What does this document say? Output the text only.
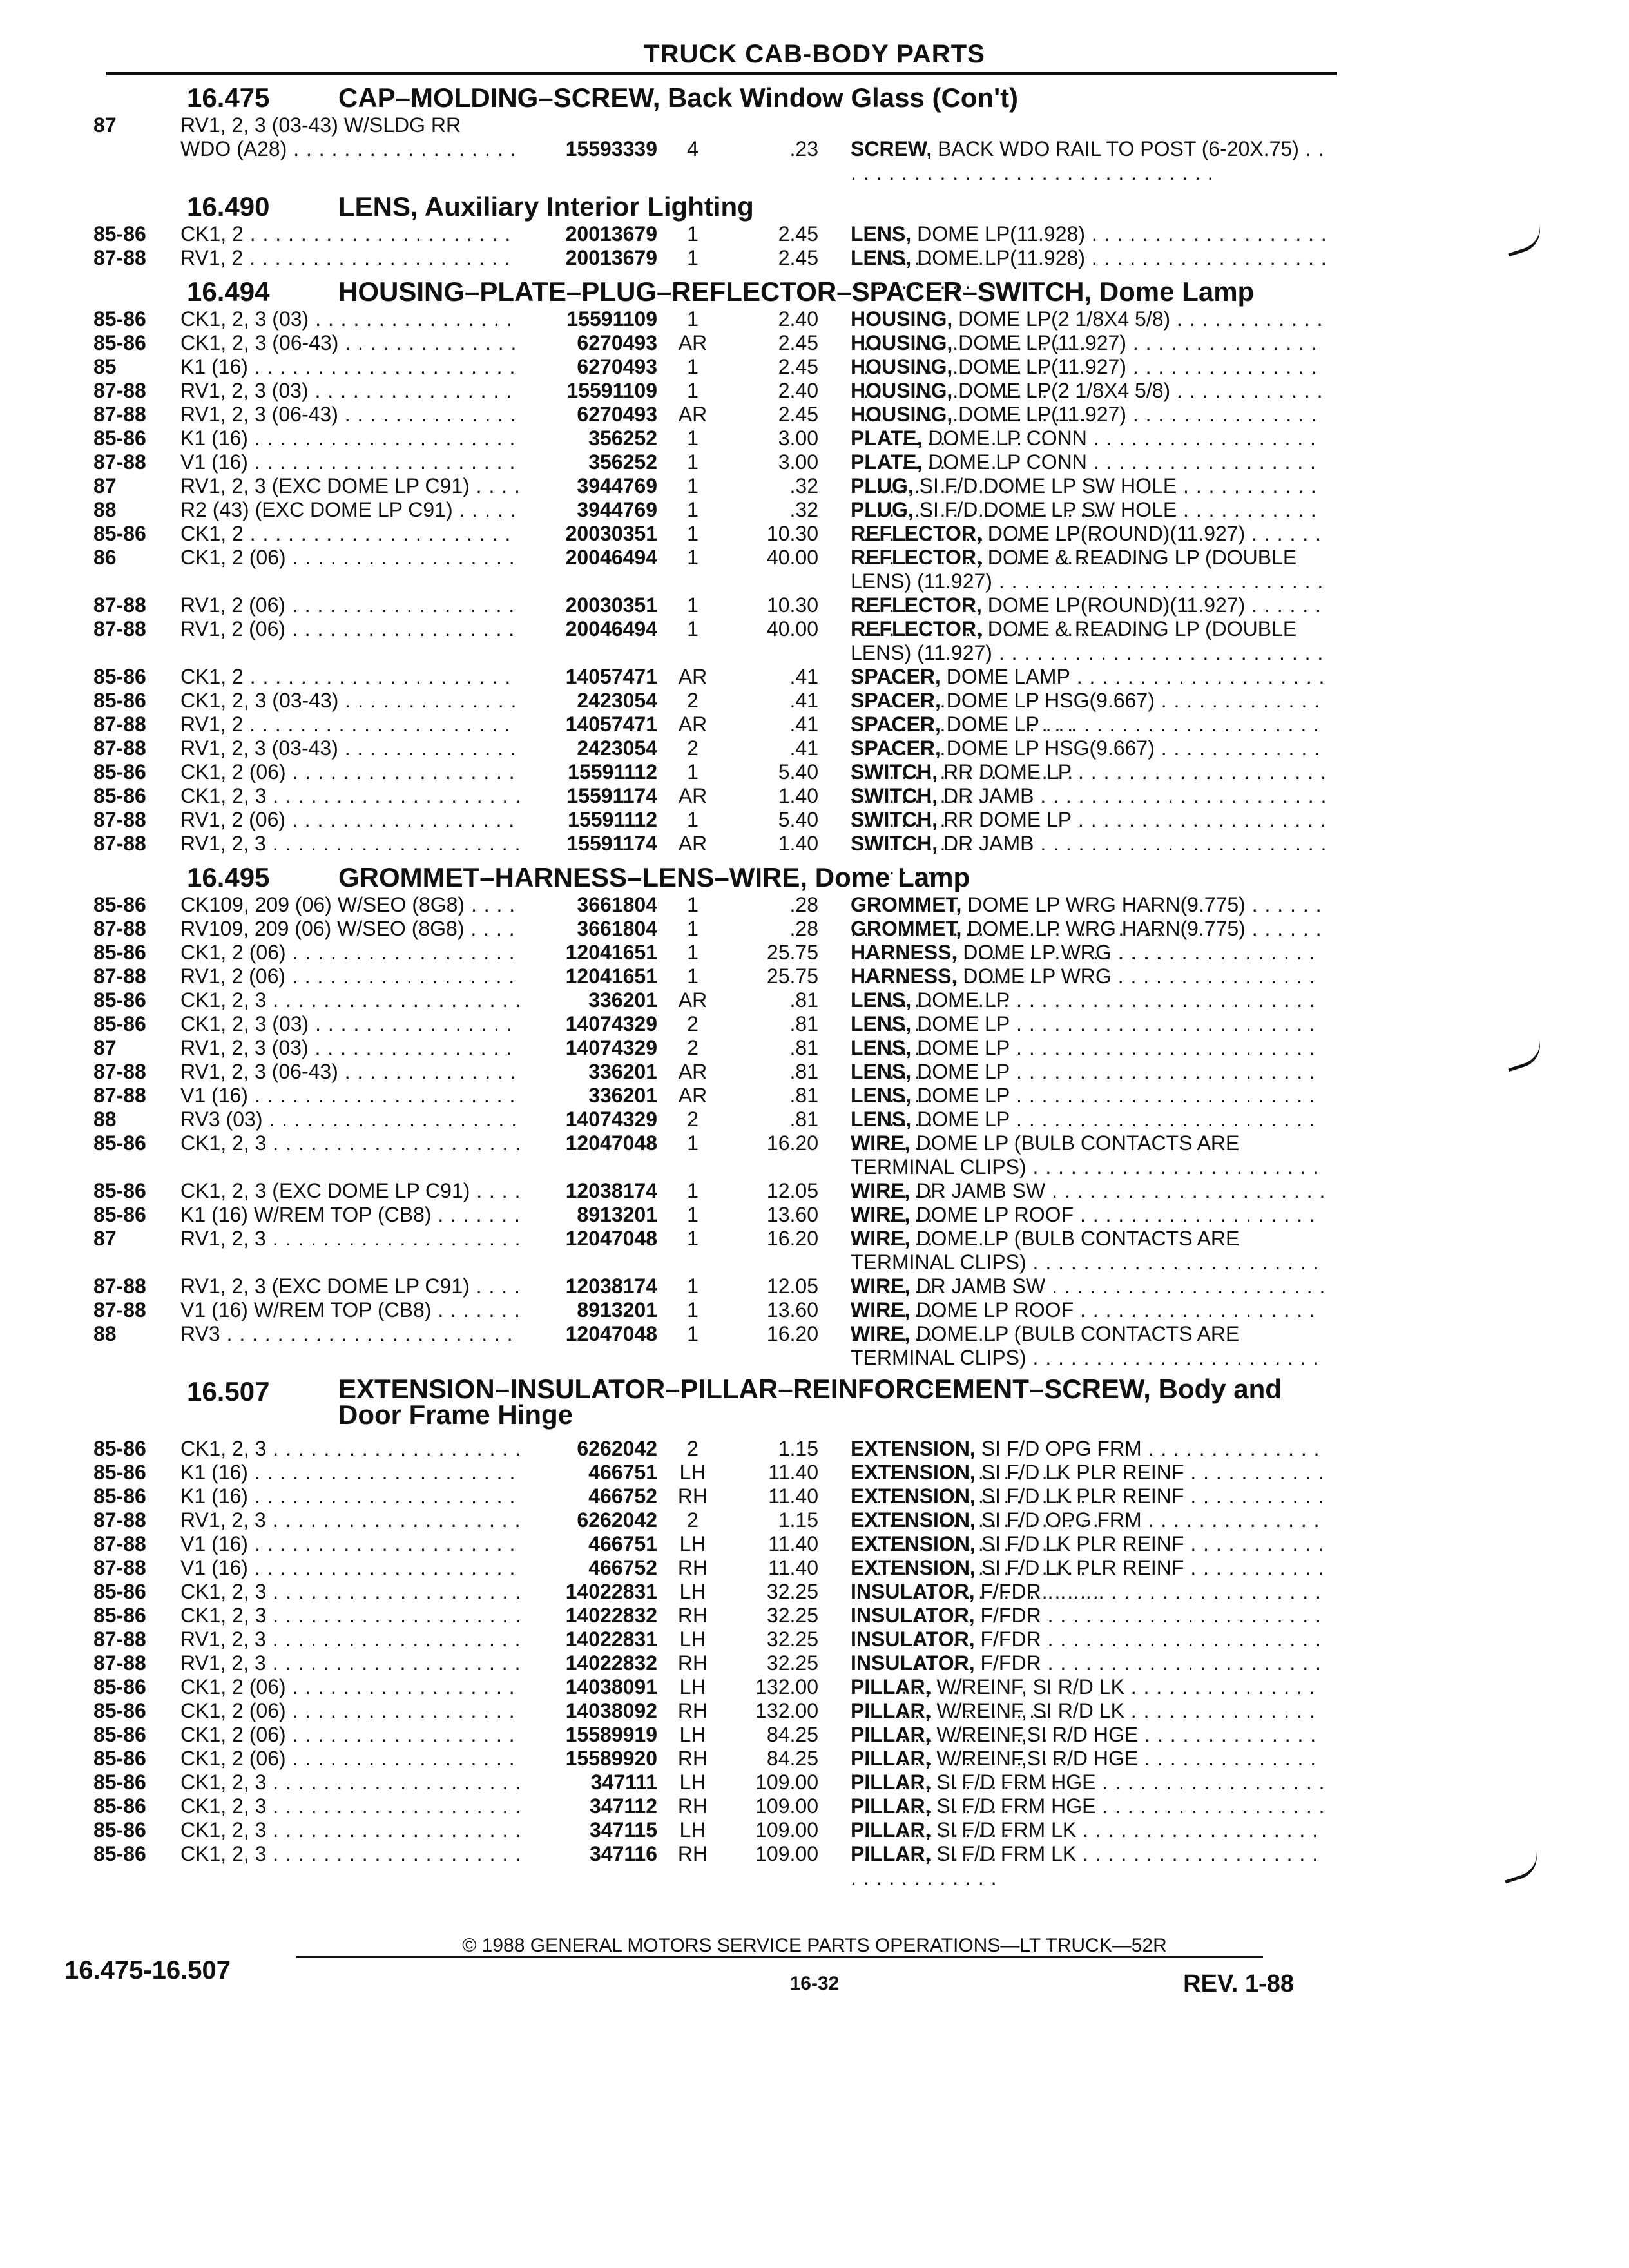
TRUCK CAB-BODY PARTS
16.475	CAP–MOLDING–SCREW, Back Window Glass (Con't)
87	RV1, 2, 3 (03-43) W/SLDG RR
WDO (A28) . . .	15593339	4	.23 SCREW, BACK WDO RAIL TO POST (6-20X.75) . . .
16.490	LENS, Auxiliary Interior Lighting
85-86 CK1, 2 . . .	20013679	1	2.45 LENS, DOME LP(11.928) . . .
87-88 RV1, 2 . . .	20013679	1	2.45 LENS, DOME LP(11.928) . . .
16.494	HOUSING–PLATE–PLUG–REFLECTOR–SPACER–SWITCH, Dome Lamp
85-86 CK1, 2, 3 (03) . . .	15591109	1	2.40 HOUSING, DOME LP(2 1/8X4 5/8) . . .
85-86 CK1, 2, 3 (06-43) . . .	6270493	AR	2.45 HOUSING, DOME LP(11.927) . . .
85	K1 (16) . . .	6270493	1	2.45 HOUSING, DOME LP(11.927) . . .
87-88 RV1, 2, 3 (03) . . .	15591109	1	2.40 HOUSING, DOME LP(2 1/8X4 5/8) . . .
87-88 RV1, 2, 3 (06-43) . . .	6270493	AR	2.45 HOUSING, DOME LP(11.927) . . .
85-86 K1 (16) . . .	356252	1	3.00 PLATE, DOME LP CONN . . .
87-88 V1 (16) . . .	356252	1	3.00 PLATE, DOME LP CONN . . .
87	RV1, 2, 3 (EXC DOME LP C91) . . .	3944769	1	.32 PLUG, SI F/D DOME LP SW HOLE . . .
88	R2 (43) (EXC DOME LP C91) . . .	3944769	1	.32 PLUG, SI F/D DOME LP SW HOLE . . .
85-86 CK1, 2 . . .	20030351	1	10.30 REFLECTOR, DOME LP(ROUND)(11.927) . . .
86	CK1, 2 (06) . . .	20046494	1	40.00 REFLECTOR, DOME & READING LP (DOUBLE LENS) (11.927) . . .
87-88 RV1, 2 (06) . . .	20030351	1	10.30 REFLECTOR, DOME LP(ROUND)(11.927) . . .
87-88 RV1, 2 (06) . . .	20046494	1	40.00 REFLECTOR, DOME & READING LP (DOUBLE LENS) (11.927) . . .
85-86 CK1, 2 . . .	14057471	AR	.41 SPACER, DOME LAMP . . .
85-86 CK1, 2, 3 (03-43) . . .	2423054	2	.41 SPACER, DOME LP HSG(9.667) . . .
87-88 RV1, 2 . . .	14057471	AR	.41 SPACER, DOME LP . . .
87-88 RV1, 2, 3 (03-43) . . .	2423054	2	.41 SPACER, DOME LP HSG(9.667) . . .
85-86 CK1, 2 (06) . . .	15591112	1	5.40 SWITCH, RR DOME LP . . .
85-86 CK1, 2, 3 . . .	15591174	AR	1.40 SWITCH, DR JAMB . . .
87-88 RV1, 2 (06) . . .	15591112	1	5.40 SWITCH, RR DOME LP . . .
87-88 RV1, 2, 3 . . .	15591174	AR	1.40 SWITCH, DR JAMB . . .
16.495	GROMMET–HARNESS–LENS–WIRE, Dome Lamp
85-86 CK109, 209 (06) W/SEO (8G8) . . .	3661804	1	.28 GROMMET, DOME LP WRG HARN(9.775) . . .
87-88 RV109, 209 (06) W/SEO (8G8) . . .	3661804	1	.28 GROMMET, DOME LP WRG HARN(9.775) . . .
85-86 CK1, 2 (06) . . .	12041651	1	25.75 HARNESS, DOME LP WRG . . .
87-88 RV1, 2 (06) . . .	12041651	1	25.75 HARNESS, DOME LP WRG . . .
85-86 CK1, 2, 3 . . .	336201	AR	.81 LENS, DOME LP . . .
85-86 CK1, 2, 3 (03) . . .	14074329	2	.81 LENS, DOME LP . . .
87	RV1, 2, 3 (03) . . .	14074329	2	.81 LENS, DOME LP . . .
87-88 RV1, 2, 3 (06-43) . . .	336201	AR	.81 LENS, DOME LP . . .
87-88 V1 (16) . . .	336201	AR	.81 LENS, DOME LP . . .
88	RV3 (03) . . .	14074329	2	.81 LENS, DOME LP . . .
85-86 CK1, 2, 3 . . .	12047048	1	16.20 WIRE, DOME LP (BULB CONTACTS ARE TERMINAL CLIPS) . . .
85-86 CK1, 2, 3 (EXC DOME LP C91) . . .	12038174	1	12.05 WIRE, DR JAMB SW . . .
85-86 K1 (16) W/REM TOP (CB8) . . .	8913201	1	13.60 WIRE, DOME LP ROOF . . .
87	RV1, 2, 3 . . .	12047048	1	16.20 WIRE, DOME LP (BULB CONTACTS ARE TERMINAL CLIPS) . . .
87-88 RV1, 2, 3 (EXC DOME LP C91) . . .	12038174	1	12.05 WIRE, DR JAMB SW . . .
87-88 V1 (16) W/REM TOP (CB8) . . .	8913201	1	13.60 WIRE, DOME LP ROOF . . .
88	RV3 . . .	12047048	1	16.20 WIRE, DOME LP (BULB CONTACTS ARE TERMINAL CLIPS) . . .
16.507	EXTENSION–INSULATOR–PILLAR–REINFORCEMENT–SCREW, Body and Door Frame Hinge
85-86 CK1, 2, 3 . . .	6262042	2	1.15 EXTENSION, SI F/D OPG FRM . . .
85-86 K1 (16) . . .	466751	LH	11.40 EXTENSION, SI F/D LK PLR REINF . . .
85-86 K1 (16) . . .	466752 RH	11.40 EXTENSION, SI F/D LK PLR REINF . . .
87-88 RV1, 2, 3 . . .	6262042	2	1.15 EXTENSION, SI F/D OPG FRM . . .
87-88 V1 (16) . . .	466751	LH	11.40 EXTENSION, SI F/D LK PLR REINF . . .
87-88 V1 (16) . . .	466752 RH	11.40 EXTENSION, SI F/D LK PLR REINF . . .
85-86 CK1, 2, 3 . . .	14022831	LH	32.25 INSULATOR, F/FDR . . .
85-86 CK1, 2, 3 . . .	14022832 RH	32.25 INSULATOR, F/FDR . . .
87-88 RV1, 2, 3 . . .	14022831	LH	32.25 INSULATOR, F/FDR . . .
87-88 RV1, 2, 3 . . .	14022832 RH	32.25 INSULATOR, F/FDR . . .
85-86 CK1, 2 (06) . . .	14038091	LH	132.00 PILLAR, W/REINF, SI R/D LK . . .
85-86 CK1, 2 (06) . . .	14038092 RH	132.00 PILLAR, W/REINF, SI R/D LK . . .
85-86 CK1, 2 (06) . . .	15589919	LH	84.25 PILLAR, W/REINF,SI R/D HGE . . .
85-86 CK1, 2 (06) . . .	15589920 RH	84.25 PILLAR, W/REINF,SI R/D HGE . . .
85-86 CK1, 2, 3 . . .	347111	LH	109.00 PILLAR, SI F/D FRM HGE . . .
85-86 CK1, 2, 3 . . .	347112 RH	109.00 PILLAR, SI F/D FRM HGE . . .
85-86 CK1, 2, 3 . . .	347115	LH	109.00 PILLAR, SI F/D FRM LK . . .
85-86 CK1, 2, 3 . . .	347116 RH	109.00 PILLAR, SI F/D FRM LK . . .
© 1988 GENERAL MOTORS SERVICE PARTS OPERATIONS—LT TRUCK—52R
16.475-16.507	16-32	REV. 1-88
